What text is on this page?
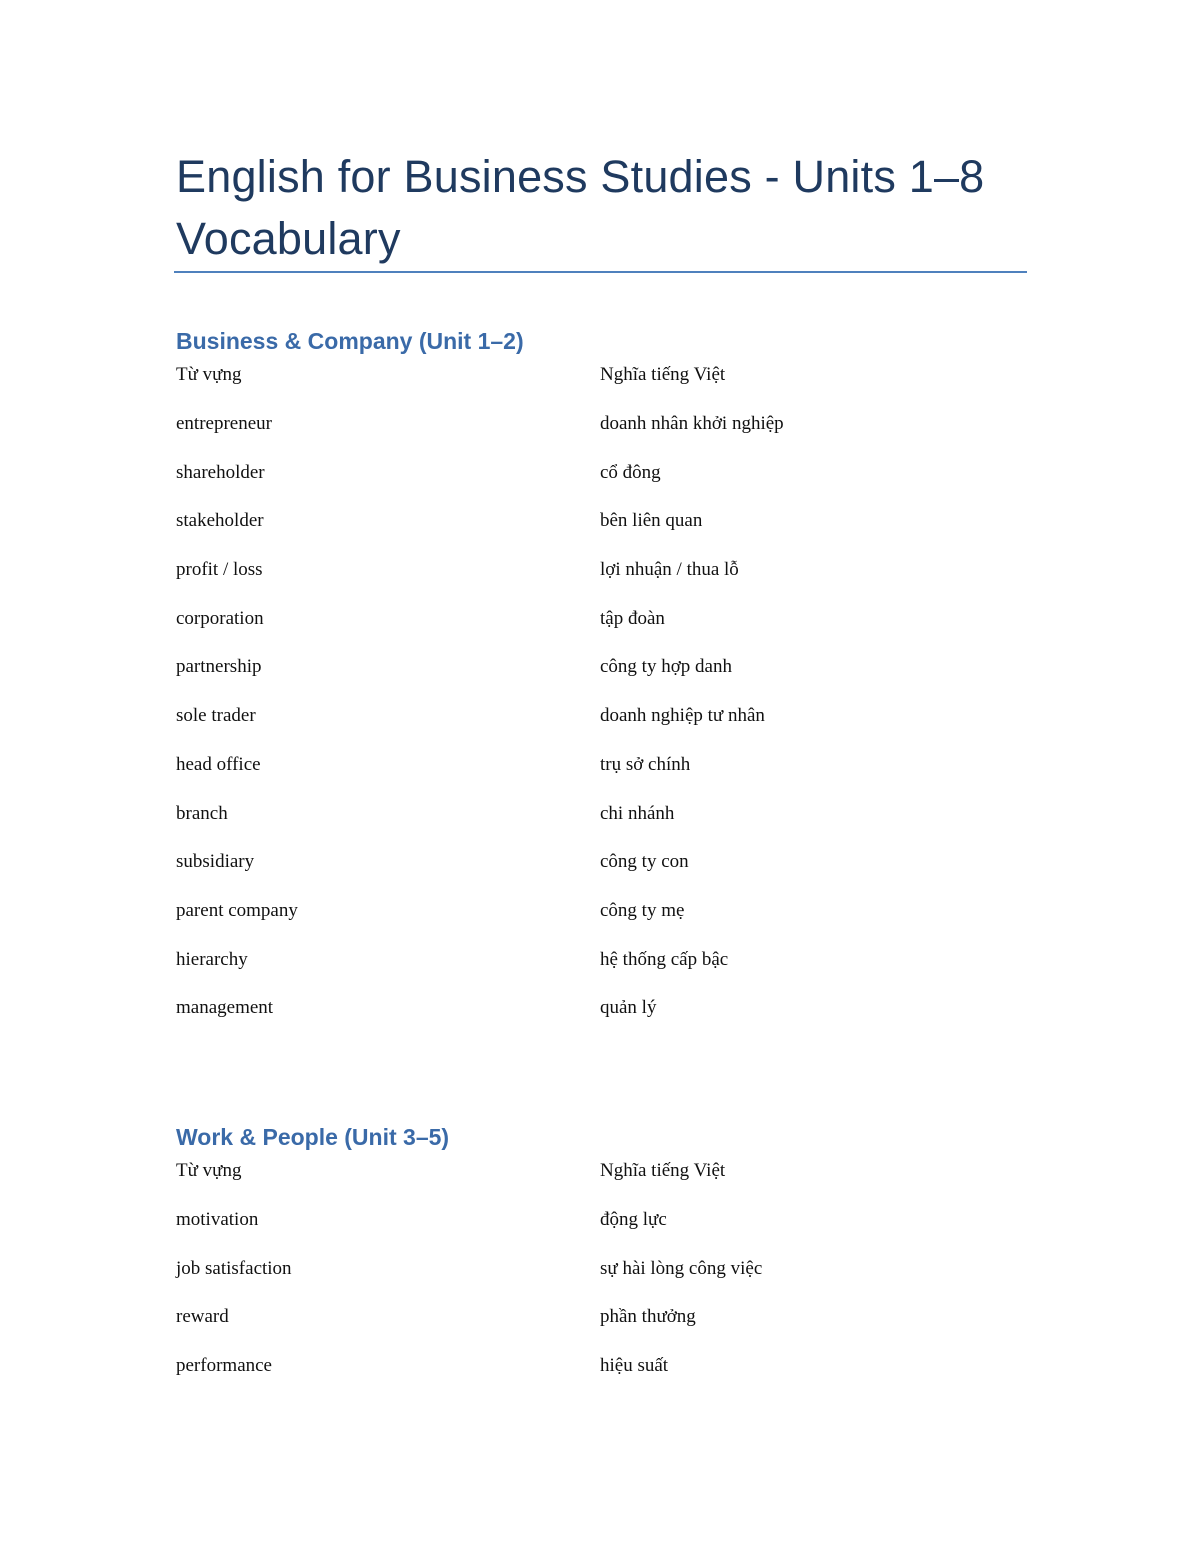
English for Business Studies - Units 1–8 Vocabulary
Business & Company (Unit 1–2)
Từ vựng	Nghĩa tiếng Việt
entrepreneur	doanh nhân khởi nghiệp
shareholder	cổ đông
stakeholder	bên liên quan
profit / loss	lợi nhuận / thua lỗ
corporation	tập đoàn
partnership	công ty hợp danh
sole trader	doanh nghiệp tư nhân
head office	trụ sở chính
branch	chi nhánh
subsidiary	công ty con
parent company	công ty mẹ
hierarchy	hệ thống cấp bậc
management	quản lý
Work & People (Unit 3–5)
Từ vựng	Nghĩa tiếng Việt
motivation	động lực
job satisfaction	sự hài lòng công việc
reward	phần thưởng
performance	hiệu suất
